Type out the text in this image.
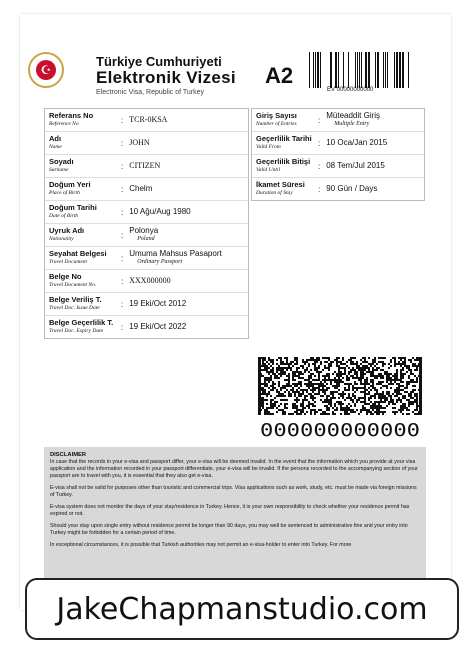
☪
Türkiye Cumhuriyeti
Elektronik Vizesi
Electronic Visa, Republic of Turkey
A2
EV 00000000000
Referans No
Reference No	: TCR-0KSA
Adı
Name	: JOHN
Soyadı
Surname	: CITIZEN
Doğum Yeri
Place of Birth	: Chelm
Doğum Tarihi
Date of Birth	: 10 Ağu/Aug 1980
Uyruk Adı
Nationality	: Polonya
Poland
Seyahat Belgesi
Travel Document	: Umuma Mahsus Pasaport
Ordinary Passport
Belge No
Travel Document No.	: XXX000000
Belge Veriliş T.
Travel Doc. Issue Date	: 19 Eki/Oct 2012
Belge Geçerlilik T.
Travel Doc. Expiry Date	: 19 Eki/Oct 2022
Giriş Sayısı
Number of Entries	: Müteaddit Giriş
Multiple Entry
Geçerlilik Tarihi
Valid From	: 10 Oca/Jan 2015
Geçerlilik Bitişi
Valid Until	: 08 Tem/Jul 2015
İkamet Süresi
Duration of Stay	: 90 Gün / Days
000000000000
DISCLAIMER

In case that the records in your e-visa and passport differ, your e-visa will be deemed invalid. In the event that the information which you provide at your visa application and the information recorded in your passport differentiate, your e-visa will be invalid. If the persons recorded to the accompanying section of your passport are to travel with you, it is essential that they also get e-visa.

E-visa shall not be valid for purposes other than touristic and commercial trips. Visa applications such as work, study, etc. must be made via foreign missions of Turkey.

E-visa system does not monitor the days of your stay/residence in Turkey. Hence, it is your own responsibility to check whether your residence permit has expired or not.

Should your stay upon single entry without residence permit be longer than 90 days, you may well be sentenced to administrative fine and your entry into Turkey might be forbidden for a certain period of time.

In exceptional circumstances, it is possible that Turkish authorities may not permit an e-visa-holder to enter into Turkey. For more

JakeChapmanstudio.com
